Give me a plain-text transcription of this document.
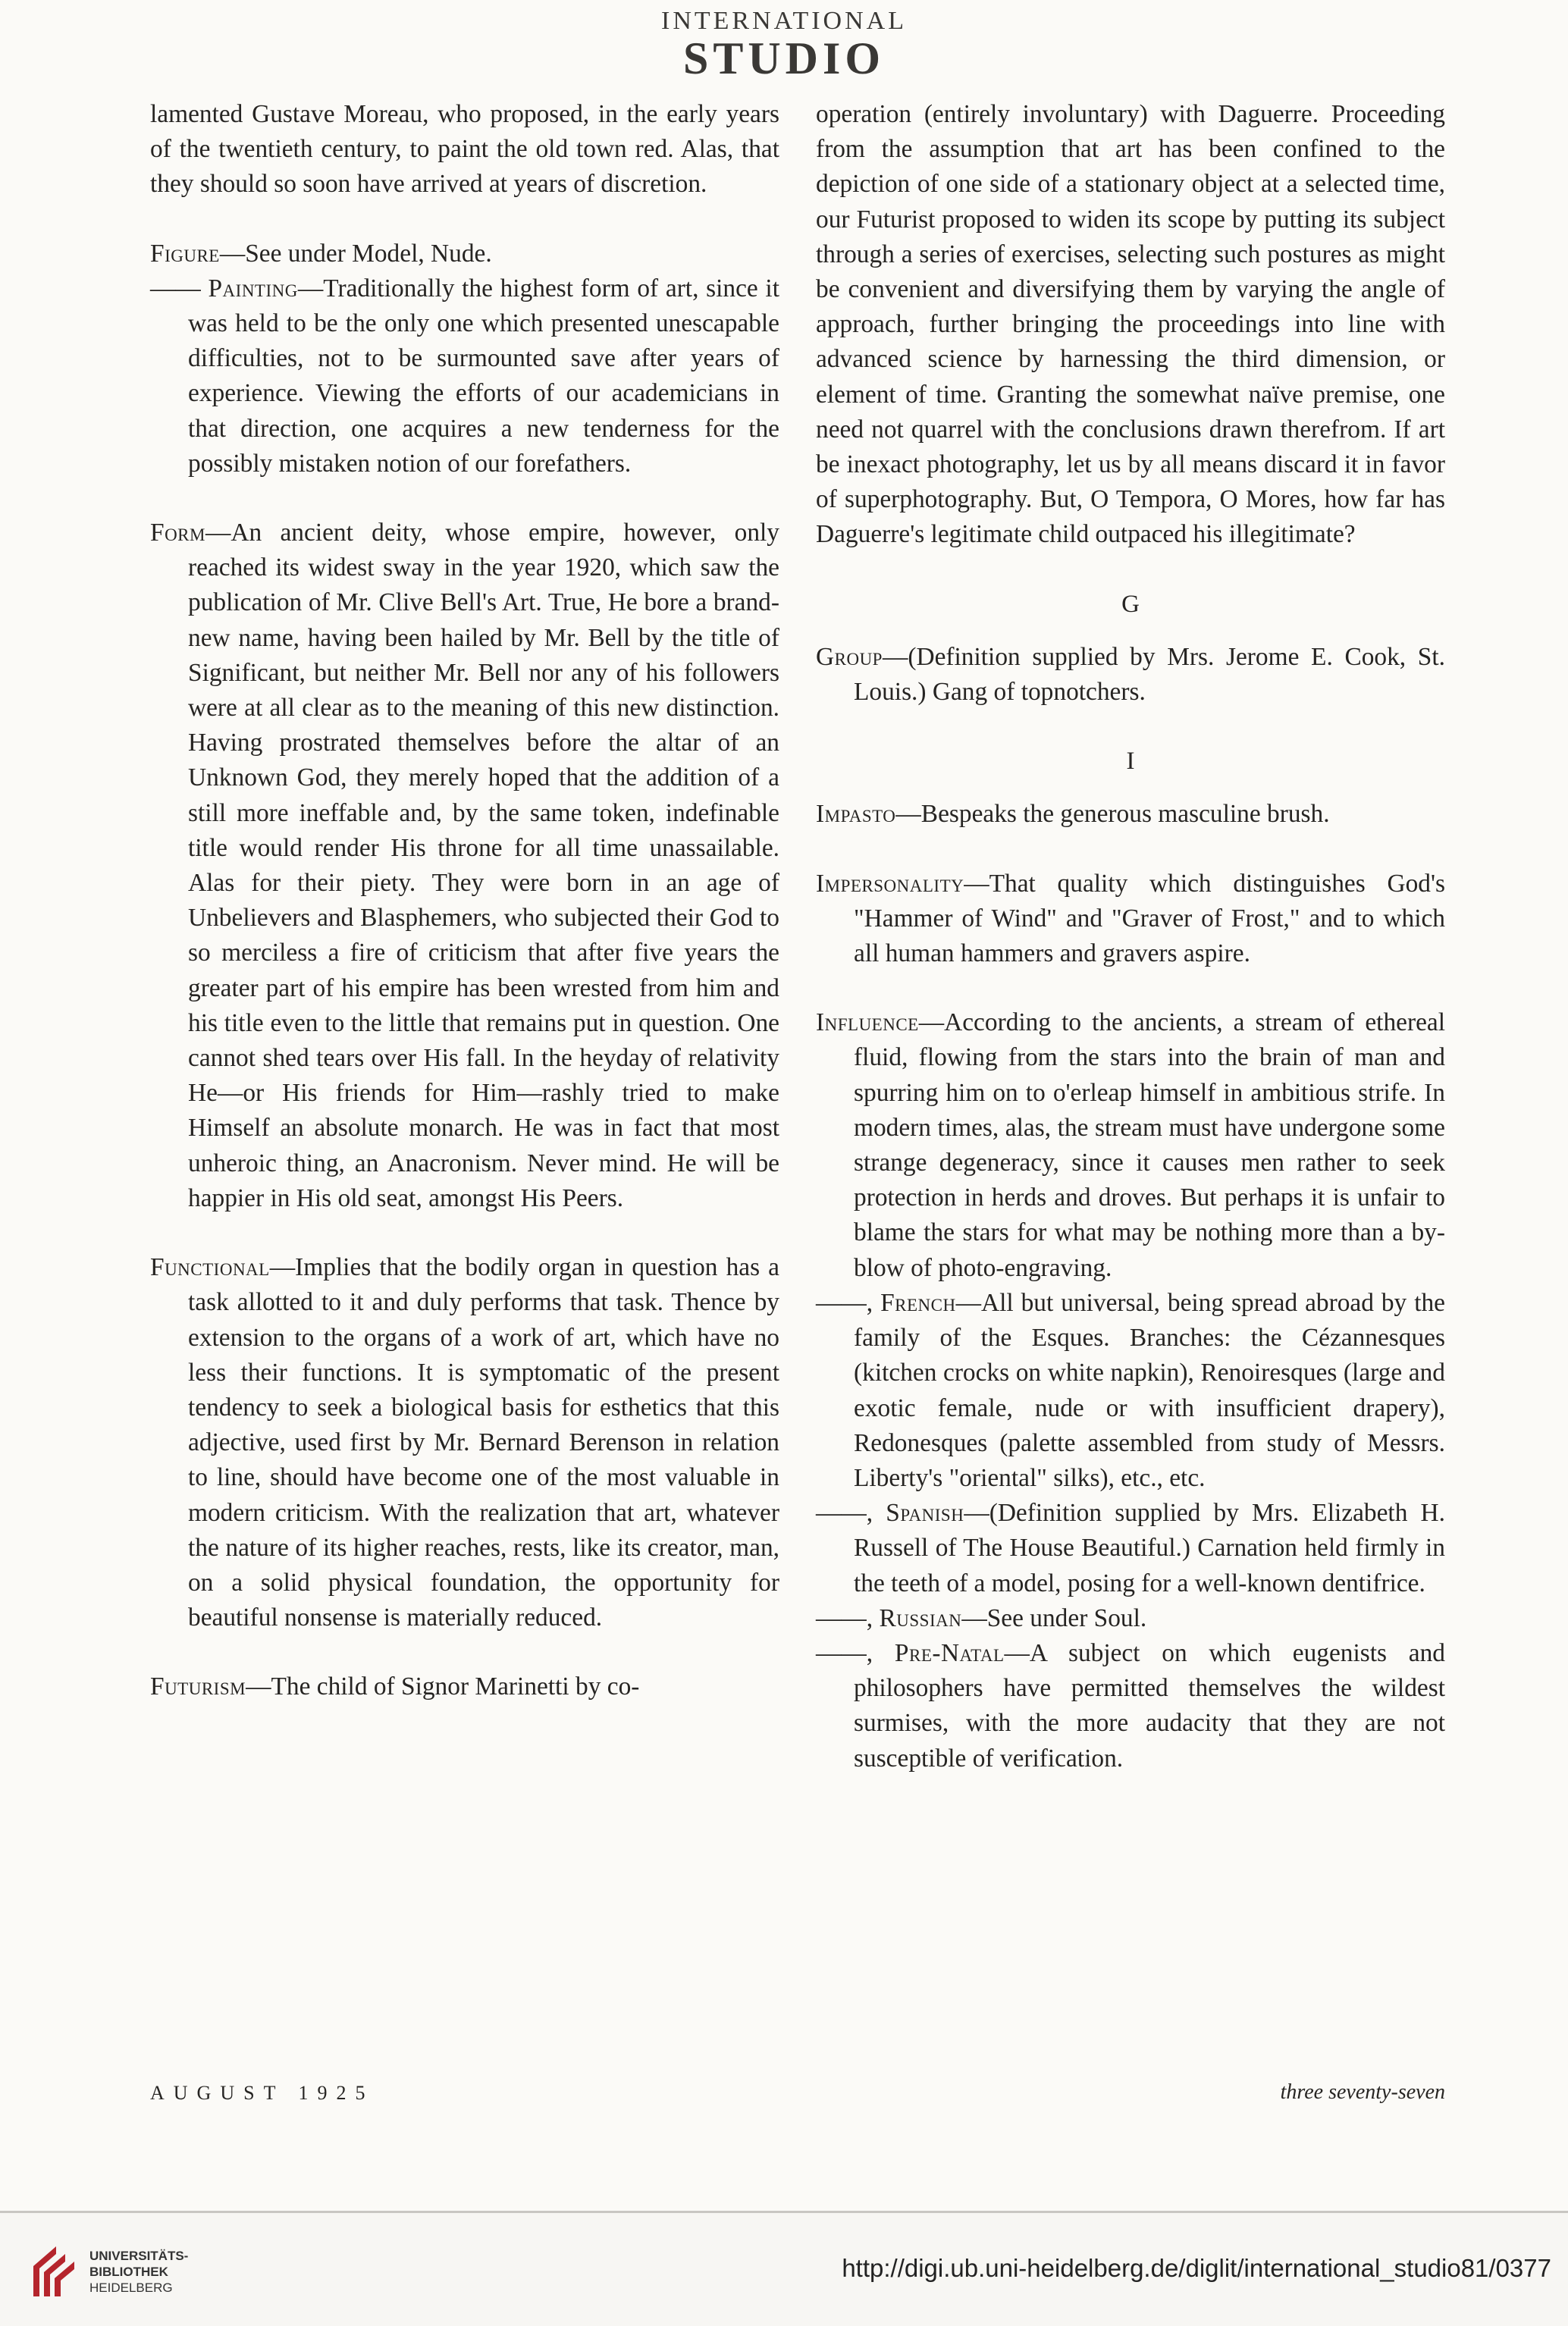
INTERNATIONAL
STUDIO

lamented Gustave Moreau, who proposed, in the early years of the twentieth century, to paint the old town red. Alas, that they should so soon have arrived at years of discretion.

Figure—See under Model, Nude.

—— Painting—Traditionally the highest form of art, since it was held to be the only one which presented unescapable difficulties, not to be surmounted save after years of experience. Viewing the efforts of our academicians in that direction, one acquires a new tenderness for the possibly mistaken notion of our forefathers.

Form—An ancient deity, whose empire, however, only reached its widest sway in the year 1920, which saw the publication of Mr. Clive Bell's Art. True, He bore a brand-new name, having been hailed by Mr. Bell by the title of Significant, but neither Mr. Bell nor any of his followers were at all clear as to the meaning of this new distinction. Having prostrated themselves before the altar of an Unknown God, they merely hoped that the addition of a still more ineffable and, by the same token, indefinable title would render His throne for all time unassailable. Alas for their piety. They were born in an age of Unbelievers and Blasphemers, who subjected their God to so merciless a fire of criticism that after five years the greater part of his empire has been wrested from him and his title even to the little that remains put in question. One cannot shed tears over His fall. In the heyday of relativity He—or His friends for Him—rashly tried to make Himself an absolute monarch. He was in fact that most unheroic thing, an Anacronism. Never mind. He will be happier in His old seat, amongst His Peers.

Functional—Implies that the bodily organ in question has a task allotted to it and duly performs that task. Thence by extension to the organs of a work of art, which have no less their functions. It is symptomatic of the present tendency to seek a biological basis for esthetics that this adjective, used first by Mr. Bernard Berenson in relation to line, should have become one of the most valuable in modern criticism. With the realization that art, whatever the nature of its higher reaches, rests, like its creator, man, on a solid physical foundation, the opportunity for beautiful nonsense is materially reduced.

Futurism—The child of Signor Marinetti by co-

operation (entirely involuntary) with Daguerre. Proceeding from the assumption that art has been confined to the depiction of one side of a stationary object at a selected time, our Futurist proposed to widen its scope by putting its subject through a series of exercises, selecting such postures as might be convenient and diversifying them by varying the angle of approach, further bringing the proceedings into line with advanced science by harnessing the third dimension, or element of time. Granting the somewhat naïve premise, one need not quarrel with the conclusions drawn therefrom. If art be inexact photography, let us by all means discard it in favor of superphotography. But, O Tempora, O Mores, how far has Daguerre's legitimate child outpaced his illegitimate?

G

Group—(Definition supplied by Mrs. Jerome E. Cook, St. Louis.) Gang of topnotchers.

I

Impasto—Bespeaks the generous masculine brush.

Impersonality—That quality which distinguishes God's "Hammer of Wind" and "Graver of Frost," and to which all human hammers and gravers aspire.

Influence—According to the ancients, a stream of ethereal fluid, flowing from the stars into the brain of man and spurring him on to o'erleap himself in ambitious strife. In modern times, alas, the stream must have undergone some strange degeneracy, since it causes men rather to seek protection in herds and droves. But perhaps it is unfair to blame the stars for what may be nothing more than a by-blow of photo-engraving.

——, French—All but universal, being spread abroad by the family of the Esques. Branches: the Cézannesques (kitchen crocks on white napkin), Renoiresques (large and exotic female, nude or with insufficient drapery), Redonesques (palette assembled from study of Messrs. Liberty's "oriental" silks), etc., etc.

——, Spanish—(Definition supplied by Mrs. Elizabeth H. Russell of The House Beautiful.) Carnation held firmly in the teeth of a model, posing for a well-known dentifrice.

——, Russian—See under Soul.

——, Pre-Natal—A subject on which eugenists and philosophers have permitted themselves the wildest surmises, with the more audacity that they are not susceptible of verification.

AUGUST 1925	three seventy-seven
UNIVERSITÄTS-
BIBLIOTHEK
HEIDELBERG
http://digi.ub.uni-heidelberg.de/diglit/international_studio81/0377
